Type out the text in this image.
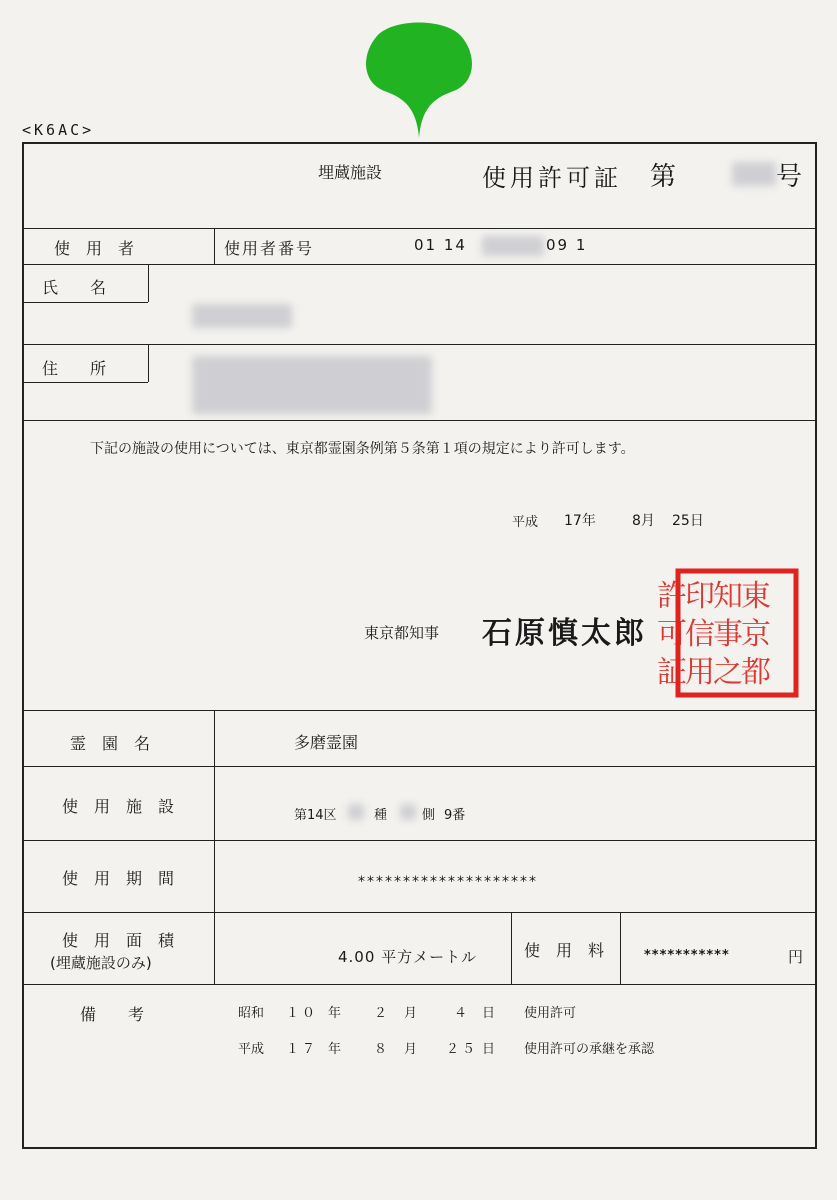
<K6AC>
埋蔵施設	使用許可証 第	号
使　用　者	使用者番号	01 14	09 1
氏　　名
住　　所
下記の施設の使用については、東京都霊園条例第５条第１項の規定により許可します。
平成 17年	8月 25日
東京都知事 石原慎太郎
霊　園　名	多磨霊園
使　用　施　設	第14区	種	側 9番
使　用　期　間	********************
使　用　面　積
(埋蔵施設のみ)	4.00 平方メートル	使　用　料	***********	円
備　　考	昭和 １０ 年	２ 月	４ 日 使用許可
平成 １７ 年	８ 月 ２５ 日 使用許可の承継を承認
東
京
都
知
事
之
印
信
用
許
可
証
